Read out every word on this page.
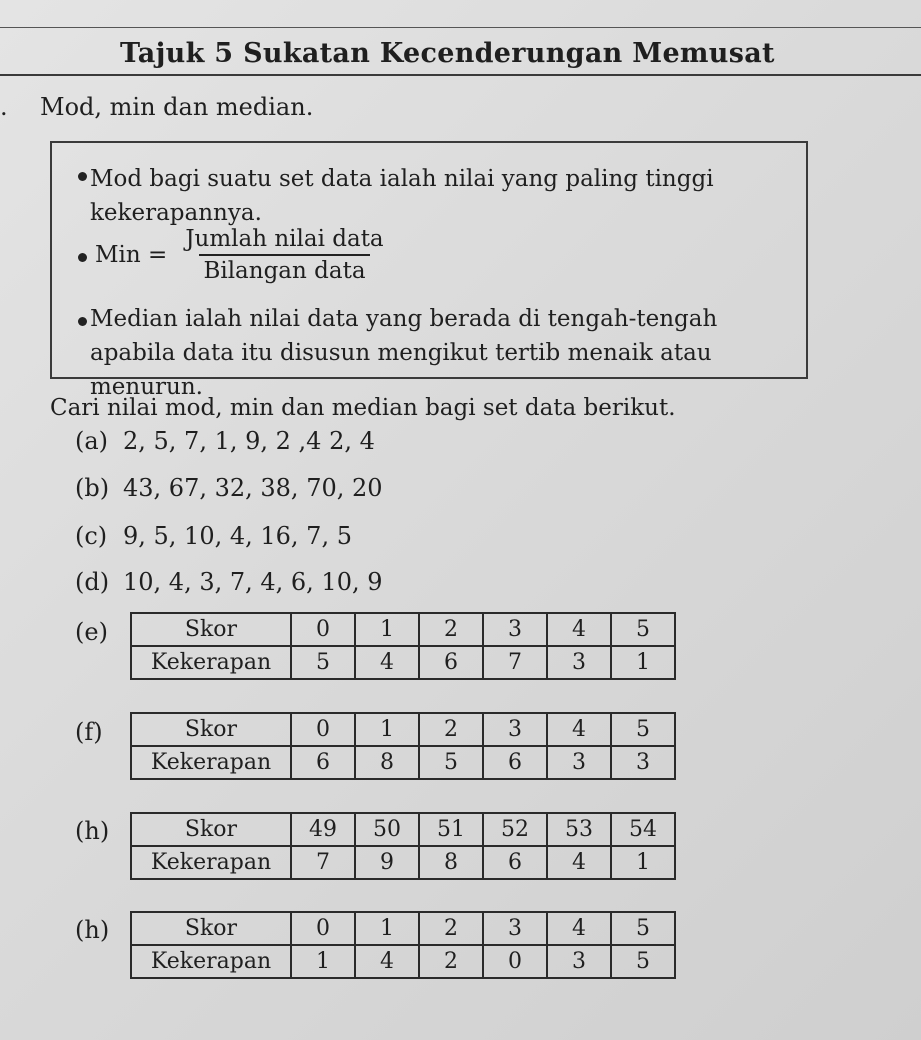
Tajuk 5 Sukatan Kecenderungan Memusat
. Mod, min dan median.
Mod bagi suatu set data ialah nilai yang paling tinggi kekerapannya.
Min = $\frac{\text{Jumlah nilai data}}{\text{Bilangan data}}$
Median ialah nilai data yang berada di tengah-tengah apabila data itu disusun mengikut tertib menaik atau menurun.
Cari nilai mod, min dan median bagi set data berikut.
(a) 2, 5, 7, 1, 9, 2 ,4 2, 4
(b) 43, 67, 32, 38, 70, 20
(c) 9, 5, 10, 4, 16, 7, 5
(d) 10, 4, 3, 7, 4, 6, 10, 9
(e)	Skor	0	1	2	3	4	5
Kekerapan	5	4	6	7	3	1
(f)	Skor	0	1	2	3	4	5
Kekerapan	6	8	5	6	3	3
(h)	Skor	49	50	51	52	53	54
Kekerapan	7	9	8	6	4	1
(h)	Skor	0	1	2	3	4	5
Kekerapan	1	4	2	0	3	5
